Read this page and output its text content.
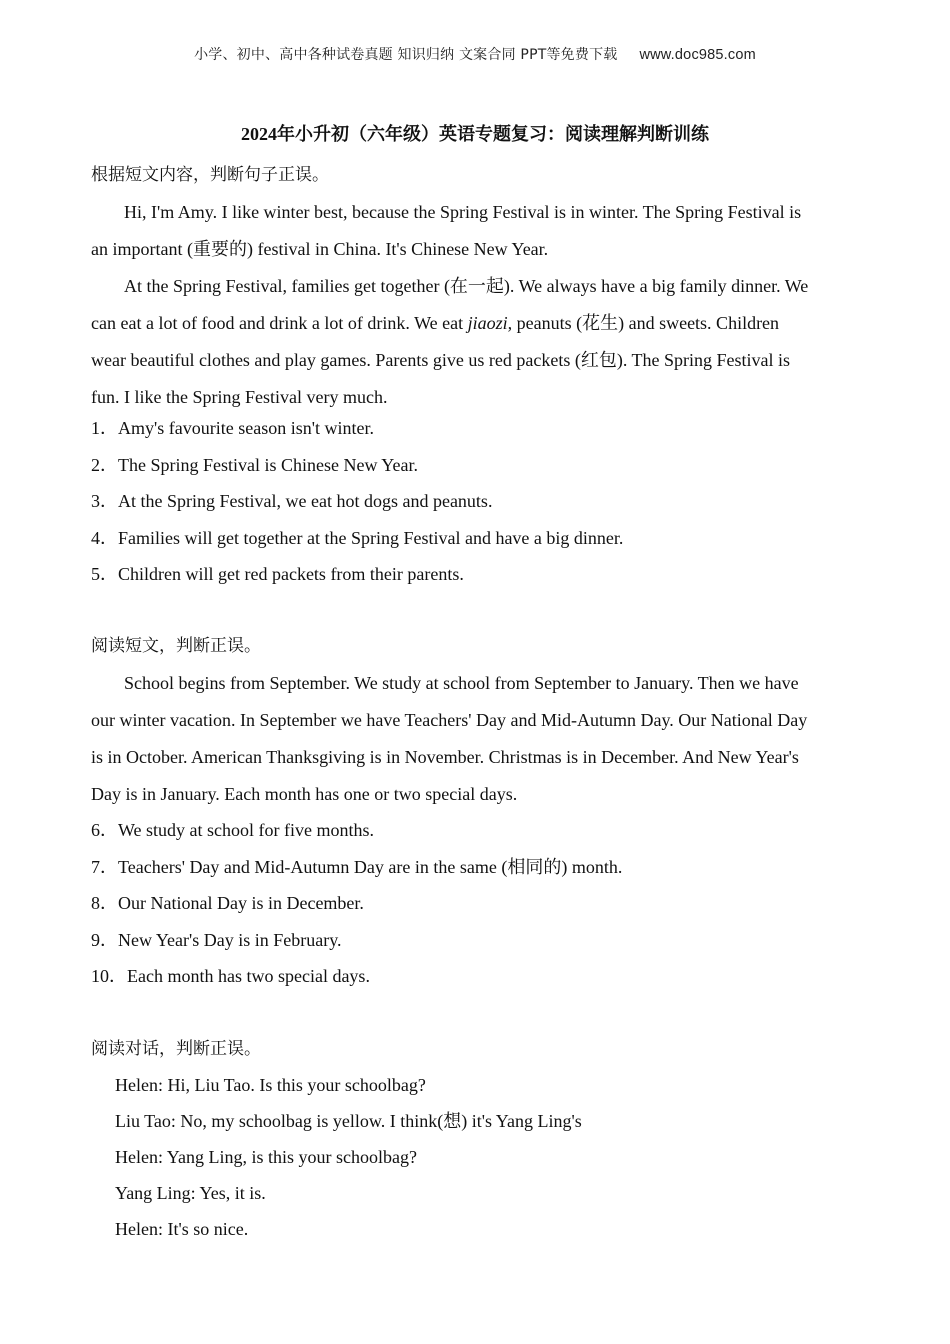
小学、初中、高中各种试卷真题 知识归纳 文案合同 PPT等免费下载 www.doc985.com
2024年小升初（六年级）英语专题复习：阅读理解判断训练
根据短文内容，判断句子正误。
Hi, I'm Amy. I like winter best, because the Spring Festival is in winter. The Spring Festival is
an important (重要的) festival in China. It's Chinese New Year.
At the Spring Festival, families get together (在一起). We always have a big family dinner. We
can eat a lot of food and drink a lot of drink. We eat jiaozi, peanuts (花生) and sweets. Children
wear beautiful clothes and play games. Parents give us red packets (红包). The Spring Festival is
fun. I like the Spring Festival very much.
1．Amy's favourite season isn't winter.
2．The Spring Festival is Chinese New Year.
3．At the Spring Festival, we eat hot dogs and peanuts.
4．Families will get together at the Spring Festival and have a big dinner.
5．Children will get red packets from their parents.
阅读短文，判断正误。
School begins from September. We study at school from September to January. Then we have
our winter vacation. In September we have Teachers' Day and Mid-Autumn Day. Our National Day
is in October. American Thanksgiving is in November. Christmas is in December. And New Year's
Day is in January. Each month has one or two special days.
6．We study at school for five months.
7．Teachers' Day and Mid-Autumn Day are in the same (相同的) month.
8．Our National Day is in December.
9．New Year's Day is in February.
10．Each month has two special days.
阅读对话，判断正误。
Helen: Hi, Liu Tao. Is this your schoolbag?
Liu Tao: No, my schoolbag is yellow. I think(想) it's Yang Ling's
Helen: Yang Ling, is this your schoolbag?
Yang Ling: Yes, it is.
Helen: It's so nice.
